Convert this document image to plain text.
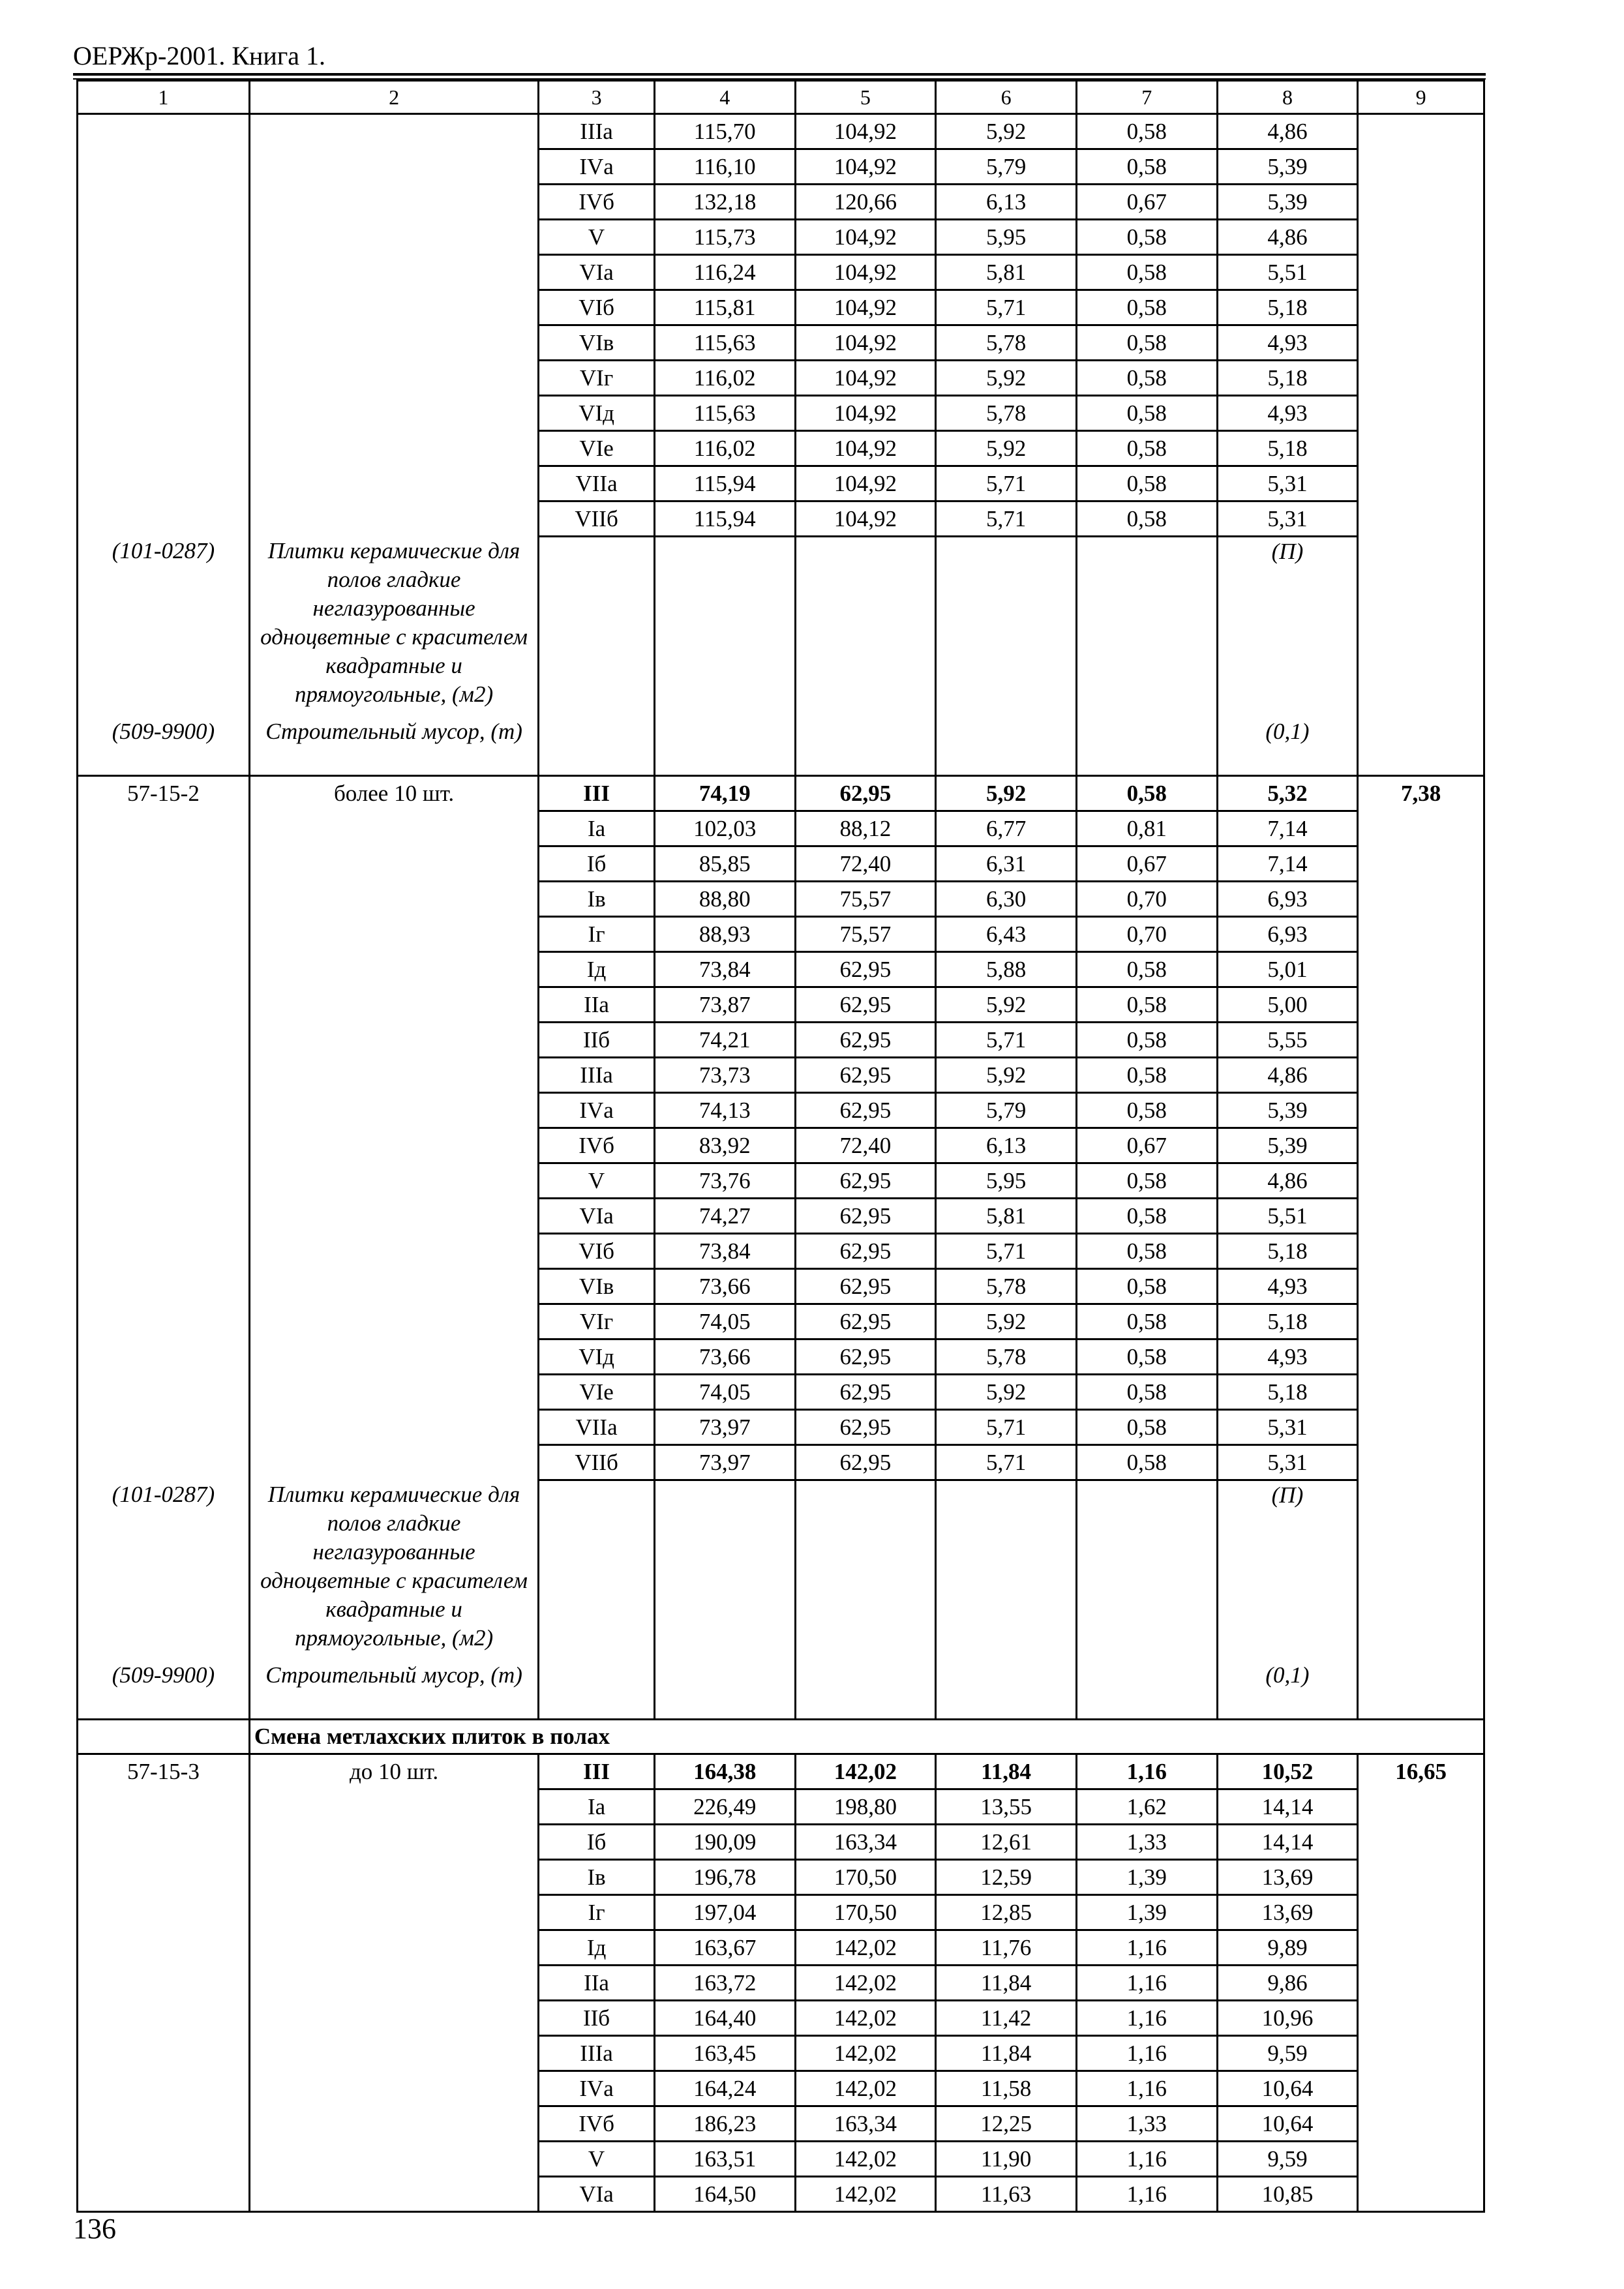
ОЕРЖр-2001. Книга 1.
1	2	3	4	5	6	7	8	9
		IIIа	115,70	104,92	5,92	0,58	4,86	
		IVа	116,10	104,92	5,79	0,58	5,39	
		IVб	132,18	120,66	6,13	0,67	5,39	
		V	115,73	104,92	5,95	0,58	4,86	
		VIа	116,24	104,92	5,81	0,58	5,51	
		VIб	115,81	104,92	5,71	0,58	5,18	
		VIв	115,63	104,92	5,78	0,58	4,93	
		VIг	116,02	104,92	5,92	0,58	5,18	
		VIд	115,63	104,92	5,78	0,58	4,93	
		VIе	116,02	104,92	5,92	0,58	5,18	
		VIIа	115,94	104,92	5,71	0,58	5,31	
		VIIб	115,94	104,92	5,71	0,58	5,31	
(101-0287)	Плитки керамические для полов гладкие неглазурованные одноцветные с красителем квадратные и прямоугольные, (м2)						(П)	
(509-9900)	Строительный мусор, (т)						(0,1)	
57-15-2	более 10 шт.	III	74,19	62,95	5,92	0,58	5,32	7,38
		Iа	102,03	88,12	6,77	0,81	7,14	
		Iб	85,85	72,40	6,31	0,67	7,14	
		Iв	88,80	75,57	6,30	0,70	6,93	
		Iг	88,93	75,57	6,43	0,70	6,93	
		Iд	73,84	62,95	5,88	0,58	5,01	
		IIа	73,87	62,95	5,92	0,58	5,00	
		IIб	74,21	62,95	5,71	0,58	5,55	
		IIIа	73,73	62,95	5,92	0,58	4,86	
		IVа	74,13	62,95	5,79	0,58	5,39	
		IVб	83,92	72,40	6,13	0,67	5,39	
		V	73,76	62,95	5,95	0,58	4,86	
		VIа	74,27	62,95	5,81	0,58	5,51	
		VIб	73,84	62,95	5,71	0,58	5,18	
		VIв	73,66	62,95	5,78	0,58	4,93	
		VIг	74,05	62,95	5,92	0,58	5,18	
		VIд	73,66	62,95	5,78	0,58	4,93	
		VIе	74,05	62,95	5,92	0,58	5,18	
		VIIа	73,97	62,95	5,71	0,58	5,31	
		VIIб	73,97	62,95	5,71	0,58	5,31	
(101-0287)	Плитки керамические для полов гладкие неглазурованные одноцветные с красителем квадратные и прямоугольные, (м2)						(П)	
(509-9900)	Строительный мусор, (т)						(0,1)	
	Смена метлахских плиток в полах							
57-15-3	до 10 шт.	III	164,38	142,02	11,84	1,16	10,52	16,65
		Iа	226,49	198,80	13,55	1,62	14,14	
		Iб	190,09	163,34	12,61	1,33	14,14	
		Iв	196,78	170,50	12,59	1,39	13,69	
		Iг	197,04	170,50	12,85	1,39	13,69	
		Iд	163,67	142,02	11,76	1,16	9,89	
		IIа	163,72	142,02	11,84	1,16	9,86	
		IIб	164,40	142,02	11,42	1,16	10,96	
		IIIа	163,45	142,02	11,84	1,16	9,59	
		IVа	164,24	142,02	11,58	1,16	10,64	
		IVб	186,23	163,34	12,25	1,33	10,64	
		V	163,51	142,02	11,90	1,16	9,59	
		VIа	164,50	142,02	11,63	1,16	10,85	
136
